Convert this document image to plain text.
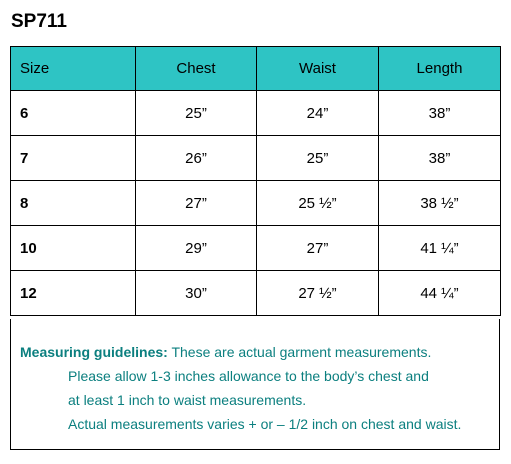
SP711
Size	Chest	Waist	Length
6	25”	24”	38”
7	26”	25”	38”
8	27”	25 ½”	38 ½”
10	29”	27”	41 ¼”
12	30”	27 ½”	44 ¼”
Measuring guidelines: These are actual garment measurements.
Please allow 1-3 inches allowance to the body’s chest and
at least 1 inch to waist measurements.
Actual measurements varies + or – 1/2 inch on chest and waist.
